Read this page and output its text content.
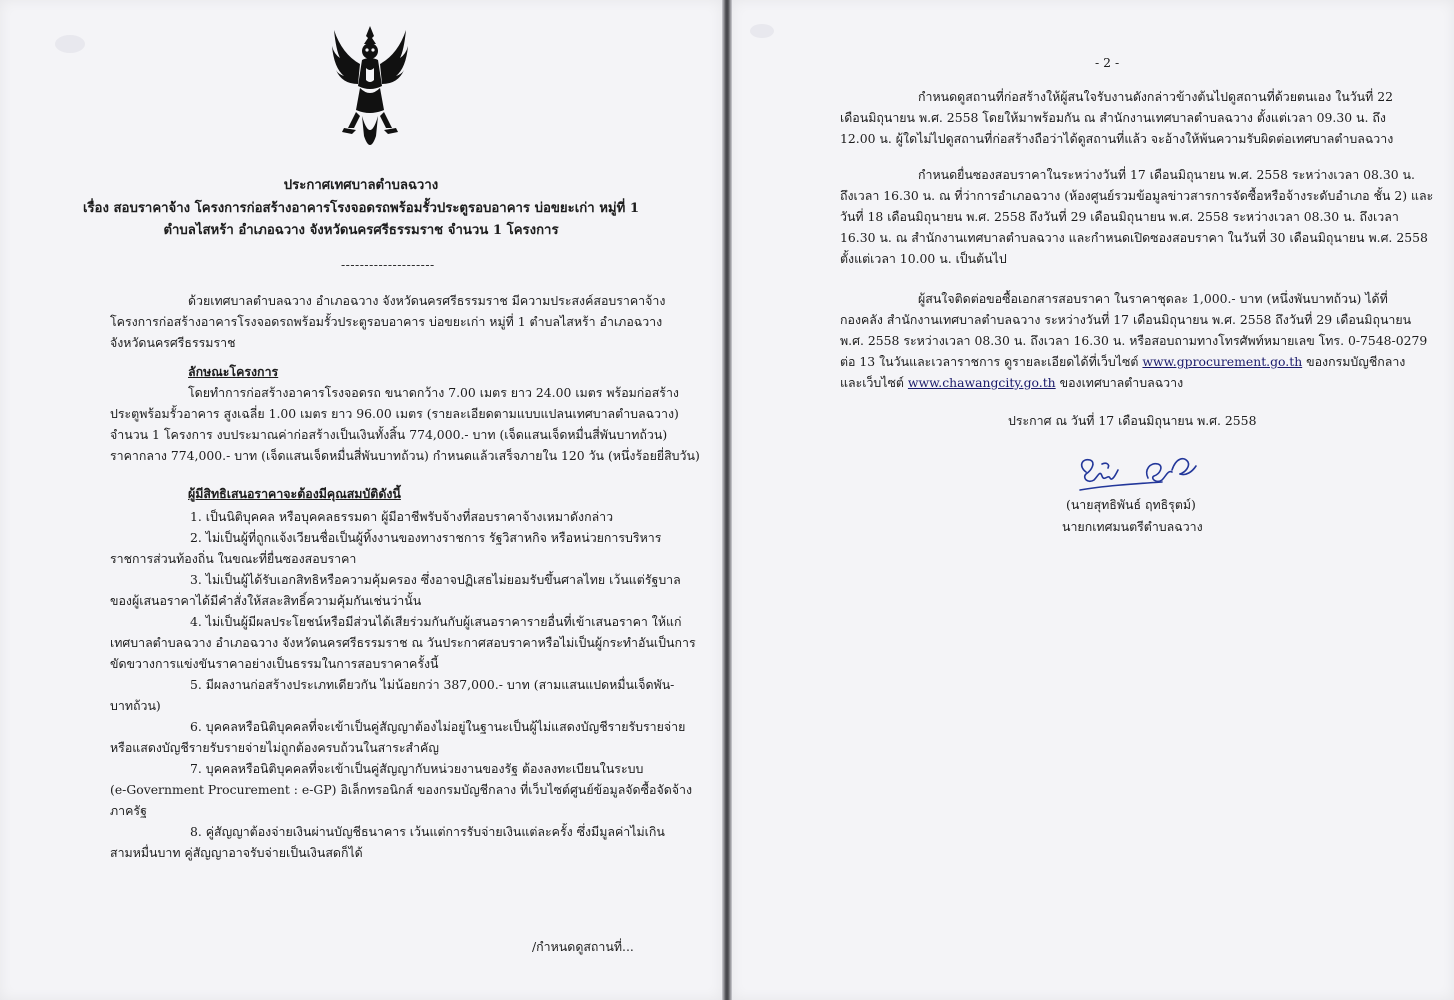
ประกาศเทศบาลตำบลฉวาง
เรื่อง สอบราคาจ้าง โครงการก่อสร้างอาคารโรงจอดรถพร้อมรั้วประตูรอบอาคาร บ่อขยะเก่า หมู่ที่ 1
ตำบลไสหร้า อำเภอฉวาง จังหวัดนครศรีธรรมราช จำนวน 1 โครงการ
--------------------
ด้วยเทศบาลตำบลฉวาง อำเภอฉวาง จังหวัดนครศรีธรรมราช มีความประสงค์สอบราคาจ้าง
โครงการก่อสร้างอาคารโรงจอดรถพร้อมรั้วประตูรอบอาคาร บ่อขยะเก่า หมู่ที่ 1 ตำบลไสหร้า อำเภอฉวาง
จังหวัดนครศรีธรรมราช
ลักษณะโครงการ
โดยทำการก่อสร้างอาคารโรงจอดรถ ขนาดกว้าง 7.00 เมตร ยาว 24.00 เมตร พร้อมก่อสร้าง
ประตูพร้อมรั้วอาคาร สูงเฉลี่ย 1.00 เมตร ยาว 96.00 เมตร (รายละเอียดตามแบบแปลนเทศบาลตำบลฉวาง)
จำนวน 1 โครงการ งบประมาณค่าก่อสร้างเป็นเงินทั้งสิ้น 774,000.- บาท (เจ็ดแสนเจ็ดหมื่นสี่พันบาทถ้วน)
ราคากลาง 774,000.- บาท (เจ็ดแสนเจ็ดหมื่นสี่พันบาทถ้วน) กำหนดแล้วเสร็จภายใน 120 วัน (หนึ่งร้อยยี่สิบวัน)
ผู้มีสิทธิเสนอราคาจะต้องมีคุณสมบัติดังนี้
1. เป็นนิติบุคคล หรือบุคคลธรรมดา ผู้มีอาชีพรับจ้างที่สอบราคาจ้างเหมาดังกล่าว
2. ไม่เป็นผู้ที่ถูกแจ้งเวียนชื่อเป็นผู้ทิ้งงานของทางราชการ รัฐวิสาหกิจ หรือหน่วยการบริหาร
ราชการส่วนท้องถิ่น ในขณะที่ยื่นซองสอบราคา
3. ไม่เป็นผู้ได้รับเอกสิทธิหรือความคุ้มครอง ซึ่งอาจปฏิเสธไม่ยอมรับขึ้นศาลไทย เว้นแต่รัฐบาล
ของผู้เสนอราคาได้มีคำสั่งให้สละสิทธิ์ความคุ้มกันเช่นว่านั้น
4. ไม่เป็นผู้มีผลประโยชน์หรือมีส่วนได้เสียร่วมกันกับผู้เสนอราคารายอื่นที่เข้าเสนอราคา ให้แก่
เทศบาลตำบลฉวาง อำเภอฉวาง จังหวัดนครศรีธรรมราช ณ วันประกาศสอบราคาหรือไม่เป็นผู้กระทำอันเป็นการ
ขัดขวางการแข่งขันราคาอย่างเป็นธรรมในการสอบราคาครั้งนี้
5. มีผลงานก่อสร้างประเภทเดียวกัน ไม่น้อยกว่า 387,000.- บาท (สามแสนแปดหมื่นเจ็ดพัน-
บาทถ้วน)
6. บุคคลหรือนิติบุคคลที่จะเข้าเป็นคู่สัญญาต้องไม่อยู่ในฐานะเป็นผู้ไม่แสดงบัญชีรายรับรายจ่าย
หรือแสดงบัญชีรายรับรายจ่ายไม่ถูกต้องครบถ้วนในสาระสำคัญ
7. บุคคลหรือนิติบุคคลที่จะเข้าเป็นคู่สัญญากับหน่วยงานของรัฐ ต้องลงทะเบียนในระบบ
(e-Government Procurement : e-GP) อิเล็กทรอนิกส์ ของกรมบัญชีกลาง ที่เว็บไซต์ศูนย์ข้อมูลจัดซื้อจัดจ้าง
ภาครัฐ
8. คู่สัญญาต้องจ่ายเงินผ่านบัญชีธนาคาร เว้นแต่การรับจ่ายเงินแต่ละครั้ง ซึ่งมีมูลค่าไม่เกิน
สามหมื่นบาท คู่สัญญาอาจรับจ่ายเป็นเงินสดก็ได้
/กำหนดดูสถานที่...
- 2 -
กำหนดดูสถานที่ก่อสร้างให้ผู้สนใจรับงานดังกล่าวข้างต้นไปดูสถานที่ด้วยตนเอง ในวันที่ 22
เดือนมิถุนายน พ.ศ. 2558 โดยให้มาพร้อมกัน ณ สำนักงานเทศบาลตำบลฉวาง ตั้งแต่เวลา 09.30 น. ถึง
12.00 น. ผู้ใดไม่ไปดูสถานที่ก่อสร้างถือว่าได้ดูสถานที่แล้ว จะอ้างให้พ้นความรับผิดต่อเทศบาลตำบลฉวาง
กำหนดยื่นซองสอบราคาในระหว่างวันที่ 17 เดือนมิถุนายน พ.ศ. 2558 ระหว่างเวลา 08.30 น.
ถึงเวลา 16.30 น. ณ ที่ว่าการอำเภอฉวาง (ห้องศูนย์รวมข้อมูลข่าวสารการจัดซื้อหรือจ้างระดับอำเภอ ชั้น 2) และ
วันที่ 18 เดือนมิถุนายน พ.ศ. 2558 ถึงวันที่ 29 เดือนมิถุนายน พ.ศ. 2558 ระหว่างเวลา 08.30 น. ถึงเวลา
16.30 น. ณ สำนักงานเทศบาลตำบลฉวาง และกำหนดเปิดซองสอบราคา ในวันที่ 30 เดือนมิถุนายน พ.ศ. 2558
ตั้งแต่เวลา 10.00 น. เป็นต้นไป
ผู้สนใจติดต่อขอซื้อเอกสารสอบราคา ในราคาชุดละ 1,000.- บาท (หนึ่งพันบาทถ้วน) ได้ที่
กองคลัง สำนักงานเทศบาลตำบลฉวาง ระหว่างวันที่ 17 เดือนมิถุนายน พ.ศ. 2558 ถึงวันที่ 29 เดือนมิถุนายน
พ.ศ. 2558 ระหว่างเวลา 08.30 น. ถึงเวลา 16.30 น. หรือสอบถามทางโทรศัพท์หมายเลข โทร. 0-7548-0279
ต่อ 13 ในวันและเวลาราชการ ดูรายละเอียดได้ที่เว็บไซต์ www.gprocurement.go.th ของกรมบัญชีกลาง
และเว็บไซต์ www.chawangcity.go.th ของเทศบาลตำบลฉวาง
ประกาศ ณ วันที่ 17 เดือนมิถุนายน พ.ศ. 2558
(นายสุทธิพันธ์ ฤทธิรุตม์)
นายกเทศมนตรีตำบลฉวาง
